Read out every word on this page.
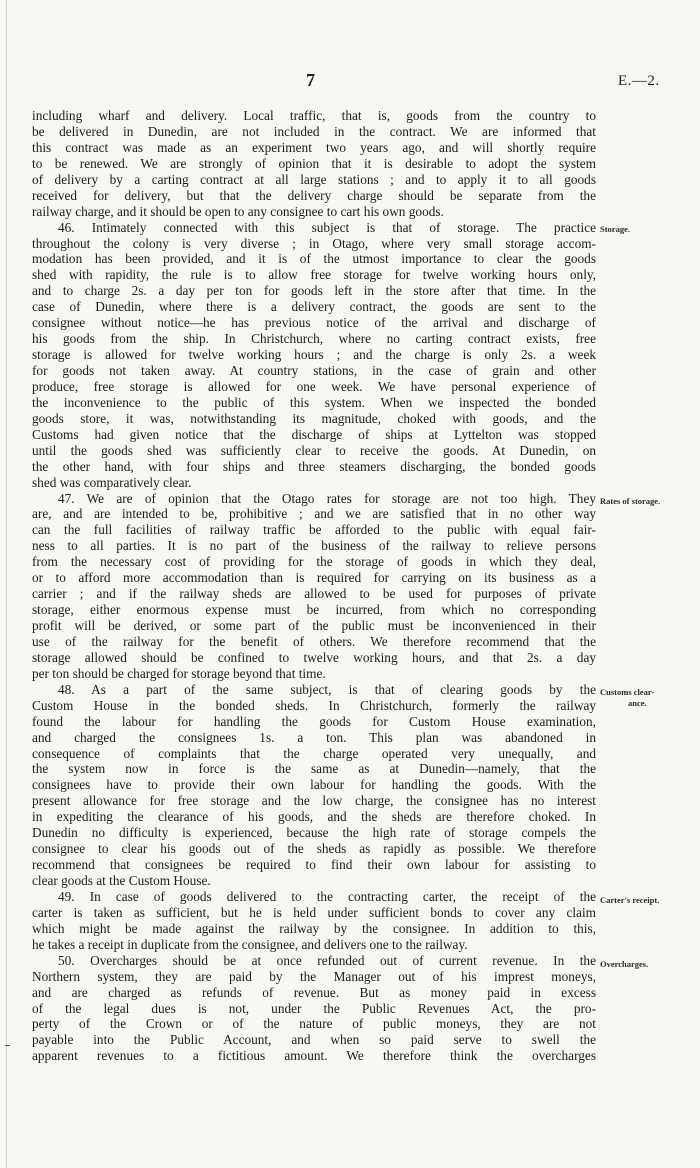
7	E.—2.
including wharf and delivery. Local traffic, that is, goods from the country to
be delivered in Dunedin, are not included in the contract. We are informed that
this contract was made as an experiment two years ago, and will shortly require
to be renewed. We are strongly of opinion that it is desirable to adopt the system
of delivery by a carting contract at all large stations ; and to apply it to all goods
received for delivery, but that the delivery charge should be separate from the
railway charge, and it should be open to any consignee to cart his own goods.
46. Intimately connected with this subject is that of storage. The practice
throughout the colony is very diverse ; in Otago, where very small storage accom-
modation has been provided, and it is of the utmost importance to clear the goods
shed with rapidity, the rule is to allow free storage for twelve working hours only,
and to charge 2s. a day per ton for goods left in the store after that time. In the
case of Dunedin, where there is a delivery contract, the goods are sent to the
consignee without notice—he has previous notice of the arrival and discharge of
his goods from the ship. In Christchurch, where no carting contract exists, free
storage is allowed for twelve working hours ; and the charge is only 2s. a week
for goods not taken away. At country stations, in the case of grain and other
produce, free storage is allowed for one week. We have personal experience of
the inconvenience to the public of this system. When we inspected the bonded
goods store, it was, notwithstanding its magnitude, choked with goods, and the
Customs had given notice that the discharge of ships at Lyttelton was stopped
until the goods shed was sufficiently clear to receive the goods. At Dunedin, on
the other hand, with four ships and three steamers discharging, the bonded goods
shed was comparatively clear.
47. We are of opinion that the Otago rates for storage are not too high. They
are, and are intended to be, prohibitive ; and we are satisfied that in no other way
can the full facilities of railway traffic be afforded to the public with equal fair-
ness to all parties. It is no part of the business of the railway to relieve persons
from the necessary cost of providing for the storage of goods in which they deal,
or to afford more accommodation than is required for carrying on its business as a
carrier ; and if the railway sheds are allowed to be used for purposes of private
storage, either enormous expense must be incurred, from which no corresponding
profit will be derived, or some part of the public must be inconvenienced in their
use of the railway for the benefit of others. We therefore recommend that the
storage allowed should be confined to twelve working hours, and that 2s. a day
per ton should be charged for storage beyond that time.
48. As a part of the same subject, is that of clearing goods by the
Custom House in the bonded sheds. In Christchurch, formerly the railway
found the labour for handling the goods for Custom House examination,
and charged the consignees 1s. a ton. This plan was abandoned in
consequence of complaints that the charge operated very unequally, and
the system now in force is the same as at Dunedin—namely, that the
consignees have to provide their own labour for handling the goods. With the
present allowance for free storage and the low charge, the consignee has no interest
in expediting the clearance of his goods, and the sheds are therefore choked. In
Dunedin no difficulty is experienced, because the high rate of storage compels the
consignee to clear his goods out of the sheds as rapidly as possible. We therefore
recommend that consignees be required to find their own labour for assisting to
clear goods at the Custom House.
49. In case of goods delivered to the contracting carter, the receipt of the
carter is taken as sufficient, but he is held under sufficient bonds to cover any claim
which might be made against the railway by the consignee. In addition to this,
he takes a receipt in duplicate from the consignee, and delivers one to the railway.
50. Overcharges should be at once refunded out of current revenue. In the
Northern system, they are paid by the Manager out of his imprest moneys,
and are charged as refunds of revenue. But as money paid in excess
of the legal dues is not, under the Public Revenues Act, the pro-
perty of the Crown or of the nature of public moneys, they are not
payable into the Public Account, and when so paid serve to swell the
apparent revenues to a fictitious amount. We therefore think the overcharges
Storage.
Rates of storage.
Customs clear-
ance.
Carter's receipt.
Overcharges.
